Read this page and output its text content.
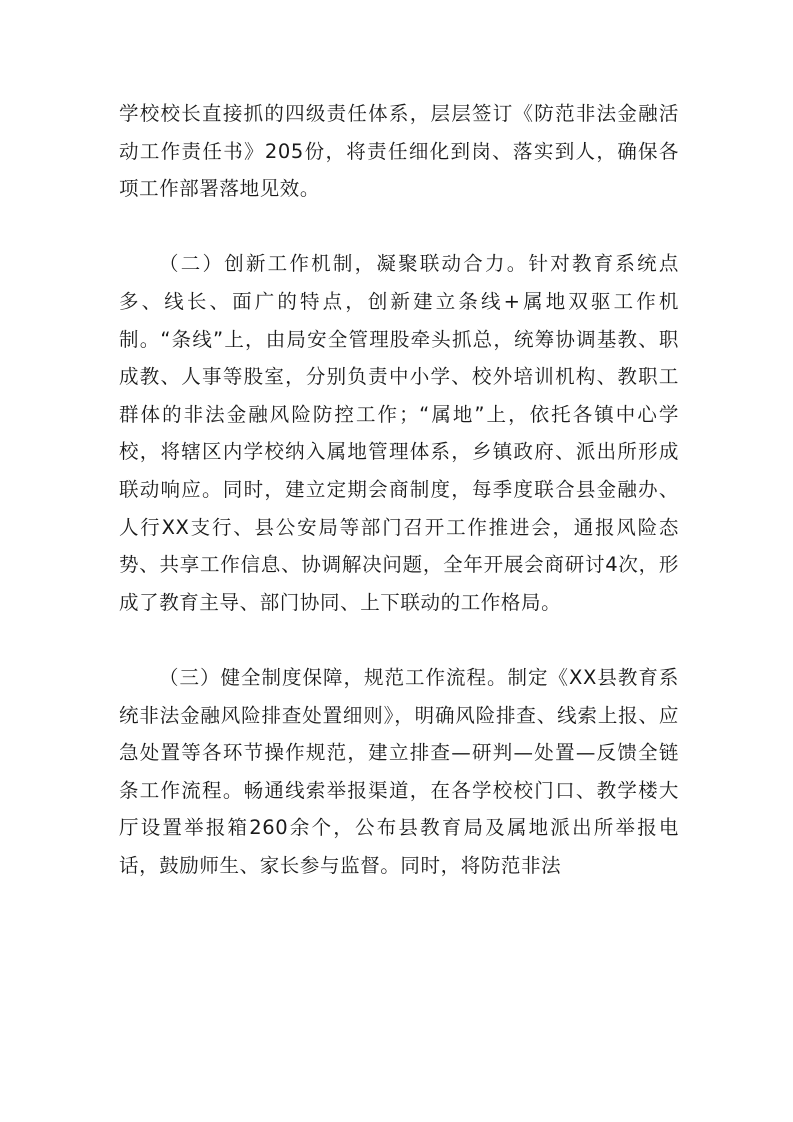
学校校长直接抓的四级责任体系，层层签订《防范非法金融活动工作责任书》205份，将责任细化到岗、落实到人，确保各项工作部署落地见效。

（二）创新工作机制，凝聚联动合力。针对教育系统点多、线长、面广的特点，创新建立条线+属地双驱工作机制。“条线”上，由局安全管理股牵头抓总，统筹协调基教、职成教、人事等股室，分别负责中小学、校外培训机构、教职工群体的非法金融风险防控工作；“属地”上，依托各镇中心学校，将辖区内学校纳入属地管理体系，乡镇政府、派出所形成联动响应。同时，建立定期会商制度，每季度联合县金融办、人行XX支行、县公安局等部门召开工作推进会，通报风险态势、共享工作信息、协调解决问题，全年开展会商研讨4次，形成了教育主导、部门协同、上下联动的工作格局。

（三）健全制度保障，规范工作流程。制定《XX县教育系统非法金融风险排查处置细则》，明确风险排查、线索上报、应急处置等各环节操作规范，建立排查—研判—处置—反馈全链条工作流程。畅通线索举报渠道，在各学校校门口、教学楼大厅设置举报箱260余个，公布县教育局及属地派出所举报电话，鼓励师生、家长参与监督。同时，将防范非法
